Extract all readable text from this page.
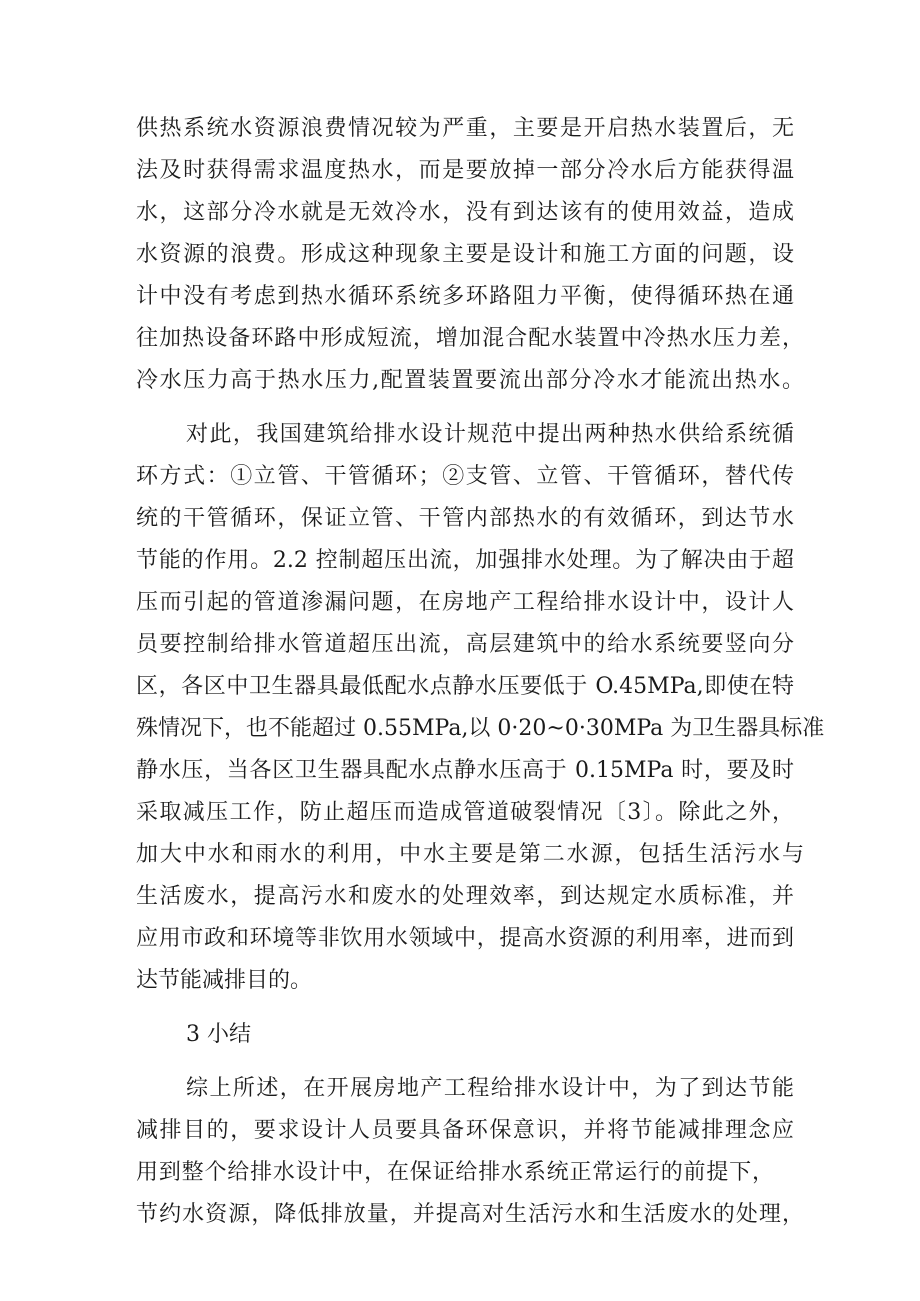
供热系统水资源浪费情况较为严重，主要是开启热水装置后，无
法及时获得需求温度热水，而是要放掉一部分冷水后方能获得温
水，这部分冷水就是无效冷水，没有到达该有的使用效益，造成
水资源的浪费。形成这种现象主要是设计和施工方面的问题，设
计中没有考虑到热水循环系统多环路阻力平衡，使得循环热在通
往加热设备环路中形成短流，增加混合配水装置中冷热水压力差，
冷水压力高于热水压力,配置装置要流出部分冷水才能流出热水。
对此，我国建筑给排水设计规范中提出两种热水供给系统循
环方式：①立管、干管循环；②支管、立管、干管循环，替代传
统的干管循环，保证立管、干管内部热水的有效循环，到达节水
节能的作用。2.2 控制超压出流，加强排水处理。为了解决由于超
压而引起的管道渗漏问题，在房地产工程给排水设计中，设计人
员要控制给排水管道超压出流，高层建筑中的给水系统要竖向分
区，各区中卫生器具最低配水点静水压要低于 O.45MPa,即使在特
殊情况下，也不能超过 0.55MPa,以 0·20~0·30MPa 为卫生器具标准
静水压，当各区卫生器具配水点静水压高于 0.15MPa 时，要及时
采取减压工作，防止超压而造成管道破裂情况〔3〕。除此之外，
加大中水和雨水的利用，中水主要是第二水源，包括生活污水与
生活废水，提高污水和废水的处理效率，到达规定水质标准，并
应用市政和环境等非饮用水领域中，提高水资源的利用率，进而到
达节能减排目的。
3 小结
综上所述，在开展房地产工程给排水设计中，为了到达节能
减排目的，要求设计人员要具备环保意识，并将节能减排理念应
用到整个给排水设计中，在保证给排水系统正常运行的前提下，
节约水资源，降低排放量，并提高对生活污水和生活废水的处理，
